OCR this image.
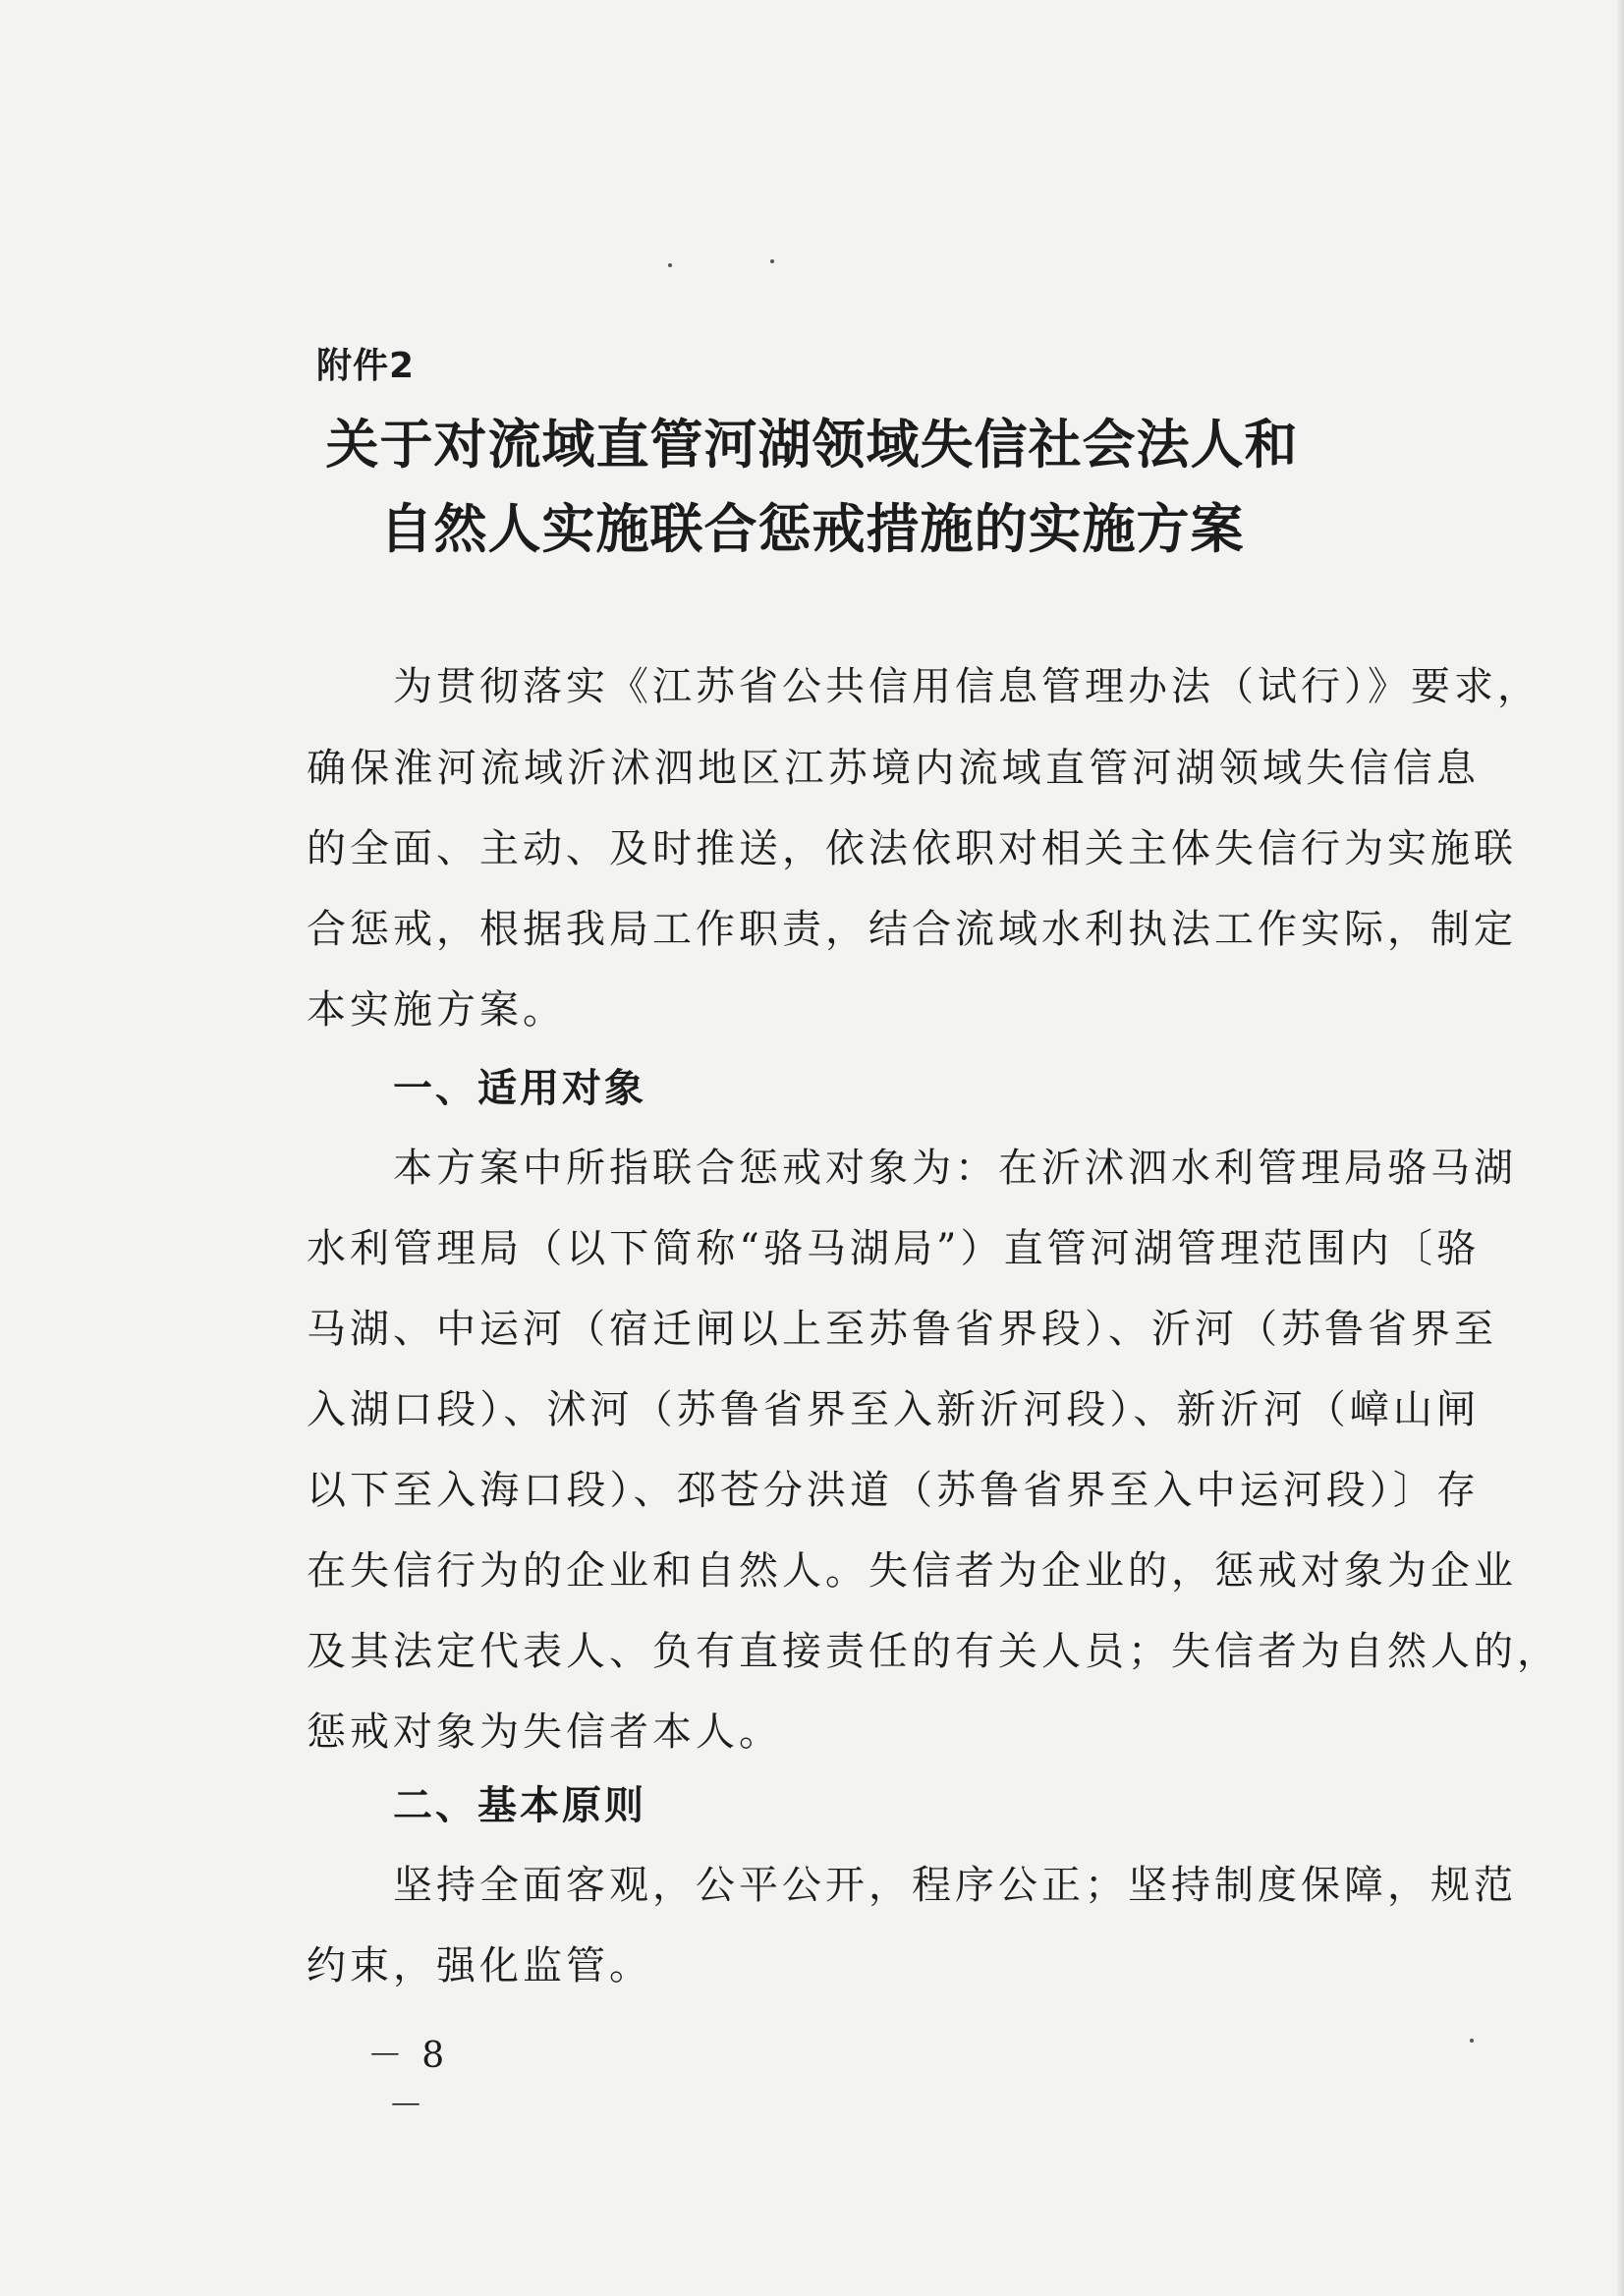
附件2

关于对流域直管河湖领域失信社会法人和
自然人实施联合惩戒措施的实施方案

为贯彻落实《江苏省公共信用信息管理办法（试行）》要求，

确保淮河流域沂沭泗地区江苏境内流域直管河湖领域失信信息

的全面、主动、及时推送，依法依职对相关主体失信行为实施联

合惩戒，根据我局工作职责，结合流域水利执法工作实际，制定

本实施方案。

一、适用对象

本方案中所指联合惩戒对象为：在沂沭泗水利管理局骆马湖

水利管理局（以下简称“骆马湖局”）直管河湖管理范围内〔骆

马湖、中运河（宿迁闸以上至苏鲁省界段）、沂河（苏鲁省界至

入湖口段）、沭河（苏鲁省界至入新沂河段）、新沂河（嶂山闸

以下至入海口段）、邳苍分洪道（苏鲁省界至入中运河段）〕存

在失信行为的企业和自然人。失信者为企业的，惩戒对象为企业

及其法定代表人、负有直接责任的有关人员；失信者为自然人的，

惩戒对象为失信者本人。

二、基本原则

坚持全面客观，公平公开，程序公正；坚持制度保障，规范

约束，强化监管。

－ 8 －
